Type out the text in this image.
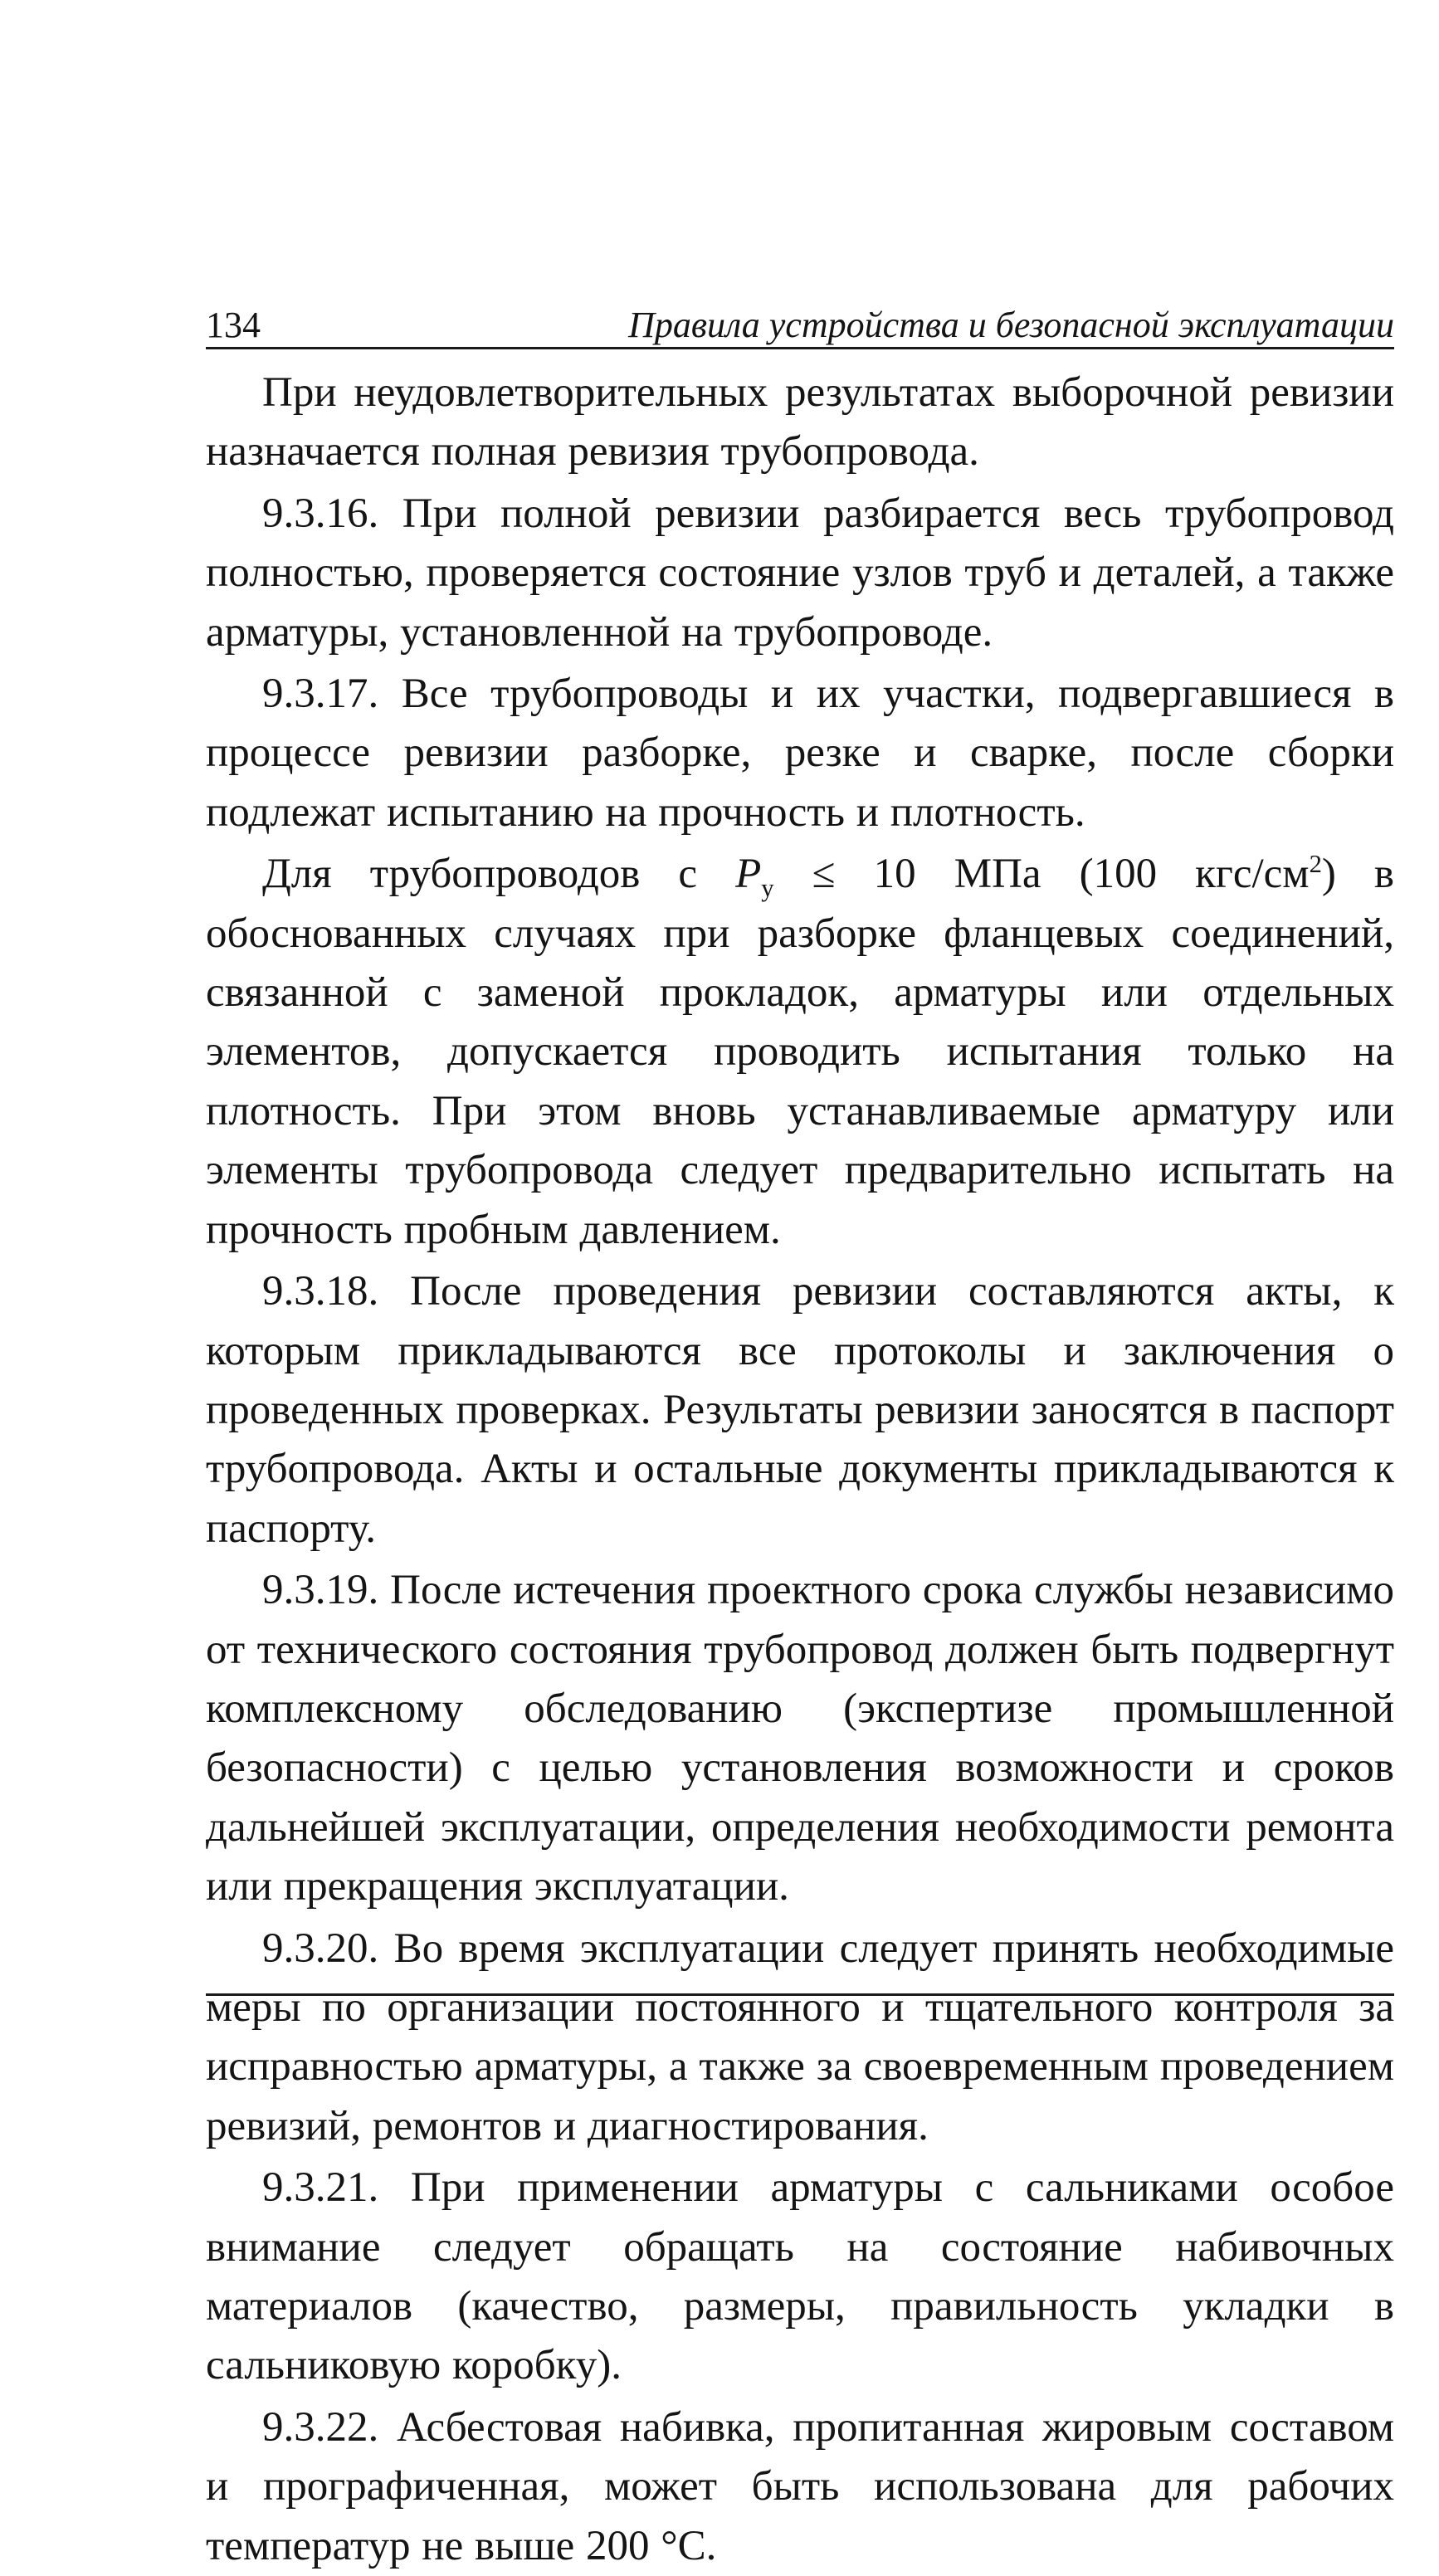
134	Правила устройства и безопасной эксплуатации

При неудовлетворительных результатах выборочной ревизии назначается полная ревизия трубопровода.

9.3.16. При полной ревизии разбирается весь трубопровод полностью, проверяется состояние узлов труб и деталей, а также арматуры, установленной на трубопроводе.

9.3.17. Все трубопроводы и их участки, подвергавшиеся в процессе ревизии разборке, резке и сварке, после сборки подлежат испытанию на прочность и плотность.

Для трубопроводов с $P_у \le 10$ МПа (100 кгс/$см^2$) в обоснованных случаях при разборке фланцевых соединений, связанной с заменой прокладок, арматуры или отдельных элементов, допускается проводить испытания только на плотность. При этом вновь устанавливаемые арматуру или элементы трубопровода следует предварительно испытать на прочность пробным давлением.

9.3.18. После проведения ревизии составляются акты, к которым прикладываются все протоколы и заключения о проведенных проверках. Результаты ревизии заносятся в паспорт трубопровода. Акты и остальные документы прикладываются к паспорту.

9.3.19. После истечения проектного срока службы независимо от технического состояния трубопровод должен быть подвергнут комплексному обследованию (экспертизе промышленной безопасности) с целью установления возможности и сроков дальнейшей эксплуатации, определения необходимости ремонта или прекращения эксплуатации.

9.3.20. Во время эксплуатации следует принять необходимые меры по организации постоянного и тщательного контроля за исправностью арматуры, а также за своевременным проведением ревизий, ремонтов и диагностирования.

9.3.21. При применении арматуры с сальниками особое внимание следует обращать на состояние набивочных материалов (качество, размеры, правильность укладки в сальниковую коробку).

9.3.22. Асбестовая набивка, пропитанная жировым составом и прографиченная, может быть использована для рабочих температур не выше 200 °С.
